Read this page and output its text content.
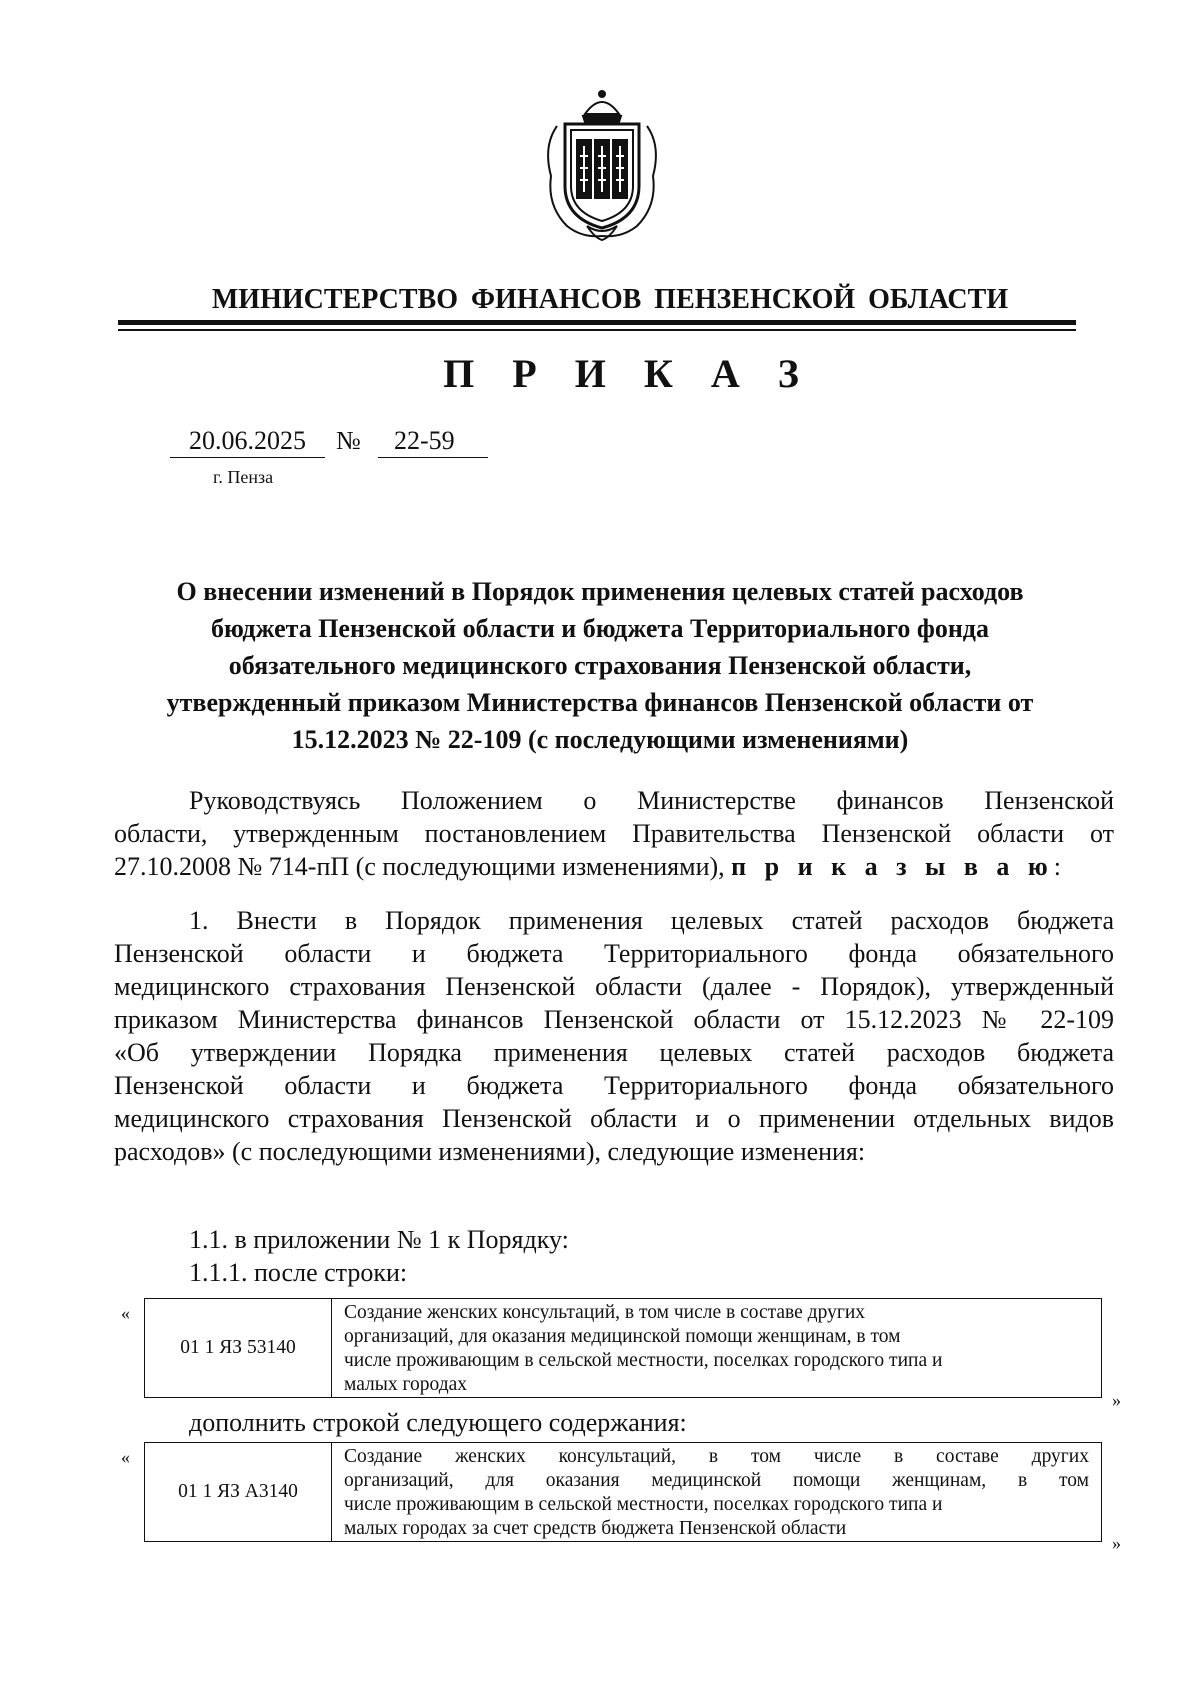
МИНИСТЕРСТВО ФИНАНСОВ ПЕНЗЕНСКОЙ ОБЛАСТИ
П Р И К А З
20.06.2025	№	22-59
г. Пенза
О внесении изменений в Порядок применения целевых статей расходов
бюджета Пензенской области и бюджета Территориального фонда
обязательного медицинского страхования Пензенской области,
утвержденный приказом Министерства финансов Пензенской области от
15.12.2023 № 22-109 (с последующими изменениями)
Руководствуясь Положением о Министерстве финансов Пензенской
области, утвержденным постановлением Правительства Пензенской области от
27.10.2008 № 714-пП (с последующими изменениями), п р и к а з ы в а ю:
1. Внести в Порядок применения целевых статей расходов бюджета
Пензенской области и бюджета Территориального фонда обязательного
медицинского страхования Пензенской области (далее - Порядок), утвержденный
приказом Министерства финансов Пензенской области от 15.12.2023 № 22-109
«Об утверждении Порядка применения целевых статей расходов бюджета
Пензенской области и бюджета Территориального фонда обязательного
медицинского страхования Пензенской области и о применении отдельных видов
расходов» (с последующими изменениями), следующие изменения:
1.1. в приложении № 1 к Порядку:
1.1.1. после строки:
«
01 1 ЯЗ 53140	
Создание женских консультаций, в том числе в составе других
организаций, для оказания медицинской помощи женщинам, в том
числе проживающим в сельской местности, поселках городского типа и
малых городах
»
дополнить строкой следующего содержания:
«
01 1 ЯЗ А3140	
Создание женских консультаций, в том числе в составе других
организаций, для оказания медицинской помощи женщинам, в том
числе проживающим в сельской местности, поселках городского типа и
малых городах за счет средств бюджета Пензенской области
»
